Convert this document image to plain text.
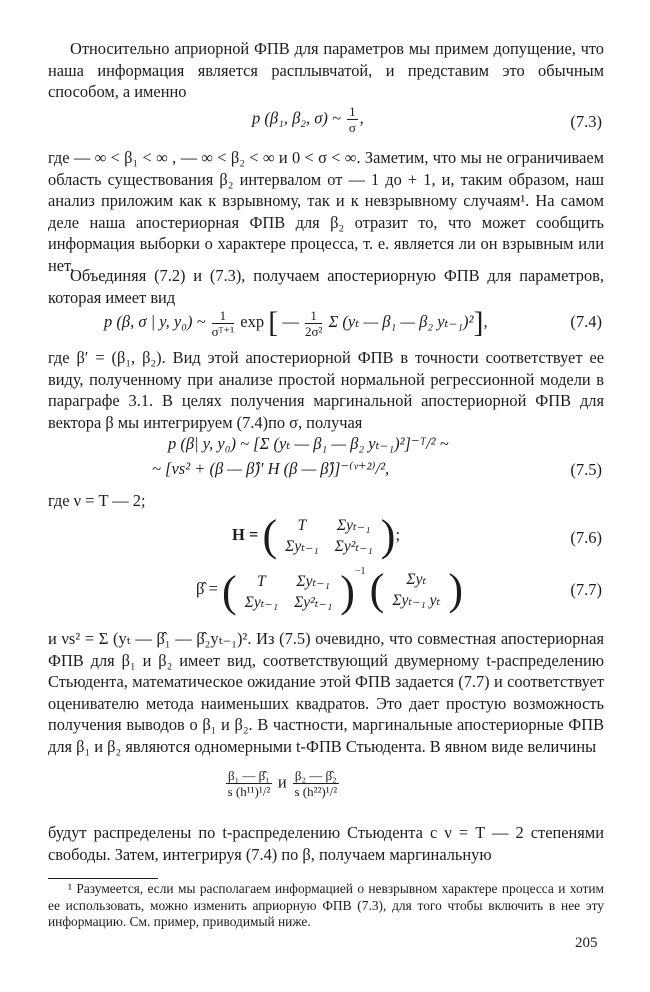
Относительно априорной ФПВ для параметров мы примем допущение, что наша информация является расплывчатой, и представим это обычным способом, а именно

p (β₁, β₂, σ) ~ $\frac{1}{\sigma}$ ,	(7.3)

где — ∞ < β₁ < ∞ , — ∞ < β₂ < ∞ и 0 < σ < ∞. Заметим, что мы не ограничиваем область существования β₂ интервалом от — 1 до + 1, и, таким образом, наш анализ приложим как к взрывному, так и к невзрывному случаям¹. На самом деле наша апостериорная ФПВ для β₂ отразит то, что может сообщить информация выборки о характере процесса, т. е. является ли он взрывным или нет.

Объединяя (7.2) и (7.3), получаем апостериорную ФПВ для параметров, которая имеет вид

p (β, σ | y, y₀) ~ $\frac{1}{\text{σᵀ⁺¹}}$ exp [ — $\frac{1}{\text{2σ²}}$ Σ (yₜ — β₁ — β₂ yₜ₋₁)²],	(7.4)

где β′ = (β₁, β₂). Вид этой апостериорной ФПВ в точности соответствует ее виду, полученному при анализе простой нормальной регрессионной модели в параграфе 3.1. В целях получения маргинальной апостериорной ФПВ для вектора β мы интегрируем (7.4)по σ, получая

p (β| y, y₀) ~ [Σ (yₜ — β₁ — β₂ yₜ₋₁)²]⁻ᵀ/² ~
~ [νs² + (β — β̂)′ H (β — β̂)]⁻⁽ᵛ⁺²⁾/²,	(7.5)

где ν = T — 2;

H = ( T	Σyₜ₋₁
Σyₜ₋₁	Σy²ₜ₋₁ );	(7.6)
β̂ = ( T	Σyₜ₋₁
Σyₜ₋₁	Σy²ₜ₋₁ )$^{-1}$ ( Σyₜ
Σyₜ₋₁ yₜ )	(7.7)

и νs² = Σ (yₜ — β̂₁ — β̂₂yₜ₋₁)². Из (7.5) очевидно, что совместная апостериорная ФПВ для β₁ и β₂ имеет вид, соответствующий двумерному t-распределению Стьюдента, математическое ожидание этой ФПВ задается (7.7) и соответствует оценивателю метода наименьших квадратов. Это дает простую возможность получения выводов о β₁ и β₂. В частности, маргинальные апостериорные ФПВ для β₁ и β₂ являются одномерными t-ФПВ Стьюдента. В явном виде величины

$\frac{\text{β₁ — β̂₁}}{\text{s (h¹¹)¹/²}}$ и $\frac{\text{β₂ — β̂₂}}{\text{s (h²²)¹/²}}$

будут распределены по t-распределению Стьюдента с ν = T — 2 степенями свободы. Затем, интегрируя (7.4) по β, получаем маргинальную

¹ Разумеется, если мы располагаем информацией о невзрывном характере процесса и хотим ее использовать, можно изменить априорную ФПВ (7.3), для того чтобы включить в нее эту информацию. См. пример, приводимый ниже.

205
